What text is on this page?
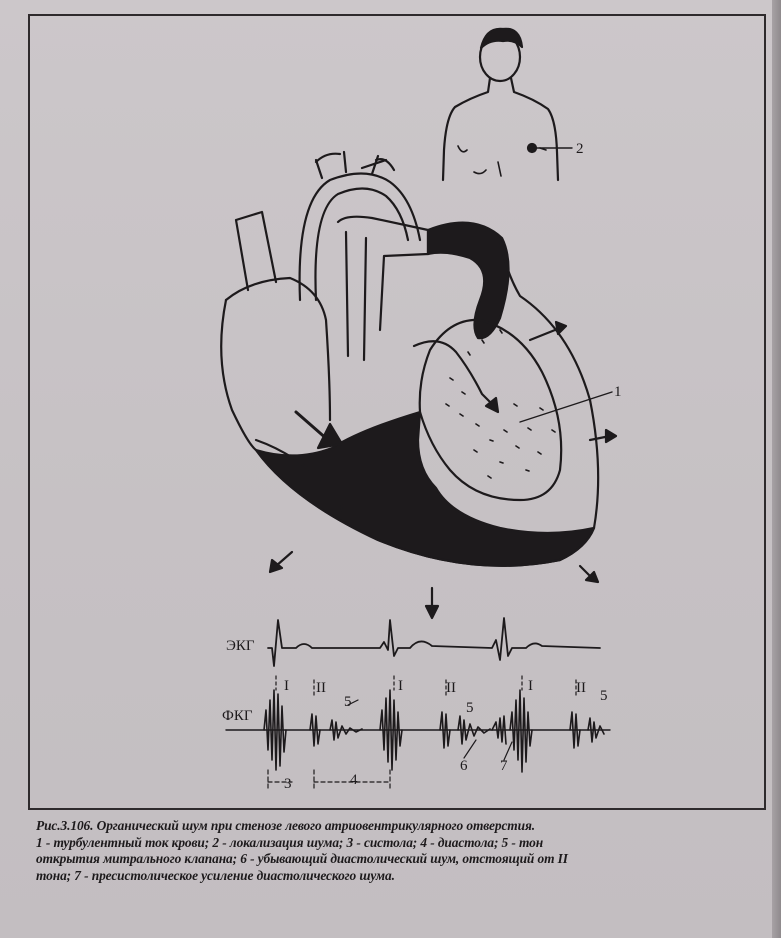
2
1
ЭКГ
ФКГ
I	I	I
II	II	II
5	5
5
3	4
6 7
Рис.3.106. Органический шум при стенозе левого атриовентрикулярного отверстия.
1 - турбулентный ток крови; 2 - локализация шума; 3 - систола; 4 - диастола; 5 - тон
открытия митрального клапана; 6 - убывающий диастолический шум, отстоящий от II
тона; 7 - пресистолическое усиление диастолического шума.
